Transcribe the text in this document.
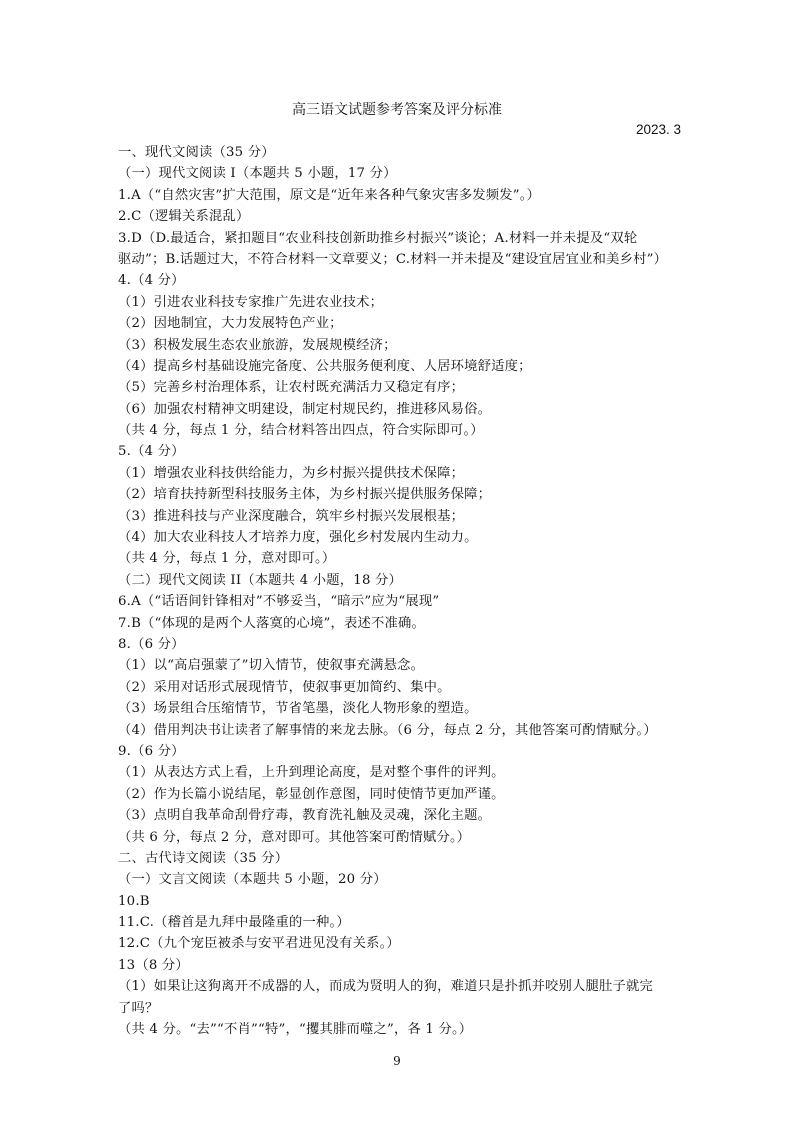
高三语文试题参考答案及评分标准
2023. 3
一、现代文阅读（35 分）
（一）现代文阅读 I（本题共 5 小题，17 分）
1.A（“自然灾害”扩大范围，原文是“近年来各种气象灾害多发频发”。）
2.C（逻辑关系混乱）
3.D（D.最适合，紧扣题目“农业科技创新助推乡村振兴”谈论；A.材料一并未提及“双轮
驱动”；B.话题过大，不符合材料一文章要义；C.材料一并未提及“建设宜居宜业和美乡村”）
4.（4 分）
（1）引进农业科技专家推广先进农业技术；
（2）因地制宜，大力发展特色产业；
（3）积极发展生态农业旅游，发展规模经济；
（4）提高乡村基础设施完备度、公共服务便利度、人居环境舒适度；
（5）完善乡村治理体系，让农村既充满活力又稳定有序；
（6）加强农村精神文明建设，制定村规民约，推进移风易俗。
（共 4 分，每点 1 分，结合材料答出四点，符合实际即可。）
5.（4 分）
（1）增强农业科技供给能力，为乡村振兴提供技术保障；
（2）培育扶持新型科技服务主体，为乡村振兴提供服务保障；
（3）推进科技与产业深度融合，筑牢乡村振兴发展根基；
（4）加大农业科技人才培养力度，强化乡村发展内生动力。
（共 4 分，每点 1 分，意对即可。）
（二）现代文阅读 II（本题共 4 小题，18 分）
6.A（“话语间针锋相对”不够妥当，“暗示”应为“展现”
7.B（“体现的是两个人落寞的心境”，表述不准确。
8.（6 分）
（1）以“高启强蒙了”切入情节，使叙事充满悬念。
（2）采用对话形式展现情节，使叙事更加简约、集中。
（3）场景组合压缩情节，节省笔墨，淡化人物形象的塑造。
（4）借用判决书让读者了解事情的来龙去脉。（6 分，每点 2 分，其他答案可酌情赋分。）
9.（6 分）
（1）从表达方式上看，上升到理论高度，是对整个事件的评判。
（2）作为长篇小说结尾，彰显创作意图，同时使情节更加严谨。
（3）点明自我革命刮骨疗毒，教育洗礼触及灵魂，深化主题。
（共 6 分，每点 2 分，意对即可。其他答案可酌情赋分。）
二、古代诗文阅读（35 分）
（一）文言文阅读（本题共 5 小题，20 分）
10.B
11.C.（稽首是九拜中最隆重的一种。）
12.C（九个宠臣被杀与安平君进见没有关系。）
13（8 分）
（1）如果让这狗离开不成器的人，而成为贤明人的狗，难道只是扑抓并咬别人腿肚子就完
了吗？
（共 4 分。“去”“不肖”“特”，“攫其腓而噬之”，各 1 分。）
9
